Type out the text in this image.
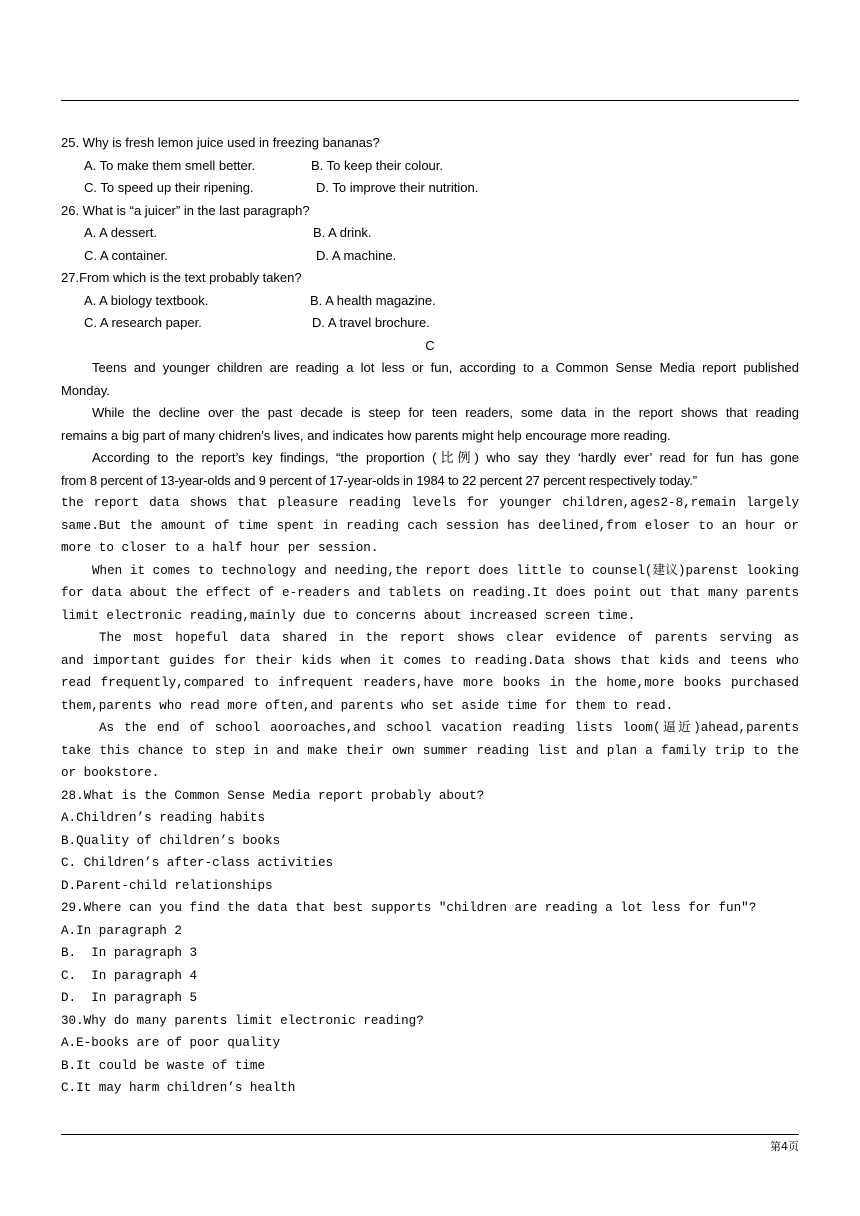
25. Why is fresh lemon juice used in freezing bananas?

A. To make them smell better.

	B. To keep their colour.

C. To speed up their ripening.

	D. To improve their nutrition.

26. What is “a juicer” in the last paragraph?

A. A dessert.

	B. A drink.

C. A container.

	D. A machine.

27.From which is the text probably taken?

A. A biology textbook.

	B. A health magazine.

C. A research paper.

	D. A travel brochure.

C
Teens and younger children are reading a lot less or fun, according to a Common Sense Media report published
Monday.
While the decline over the past decade is steep for teen readers, some data in the report shows that reading
remains a big part of many chidren’s lives, and indicates how parents might help encourage more reading.
According to the report’s key findings, “the proportion (比例) who say they ‘hardly ever’ read for fun has gone
from 8 percent of 13-year-olds and 9 percent of 17-year-olds in 1984 to 22 percent 27 percent respectively today.”
the report data shows that pleasure reading levels for younger children,ages2-8,remain largely
same.But the amount of time spent in reading cach session has deelined,from eloser to an hour or
more to closer to a half hour per session.
When it comes to technology and needing,the report does little to counsel(建议)parenst looking
for data about the effect of e-readers and tablets on reading.It does point out that many parents
limit electronic reading,mainly due to concerns about increased screen time.
The most hopeful data shared in the report shows clear evidence of parents serving as
and important guides for their kids when it comes to reading.Data shows that kids and teens who
read frequently,compared to infrequent readers,have more books in the home,more books purchased
them,parents who read more often,and parents who set aside time for them to read.
As the end of school aooroaches,and school vacation reading lists loom(逼近)ahead,parents
take this chance to step in and make their own summer reading list and plan a family trip to the
or bookstore.
28.What is the Common Sense Media report probably about?
A.Children’s reading habits
B.Quality of children’s books
C. Children’s after-class activities
D.Parent-child relationships
29.Where can you find the data that best supports "children are reading a lot less for fun"?
A.In paragraph 2
B.  In paragraph 3
C.  In paragraph 4
D.  In paragraph 5
30.Why do many parents limit electronic reading?
A.E-books are of poor quality
B.It could be waste of time
C.It may harm children’s health
第4页
